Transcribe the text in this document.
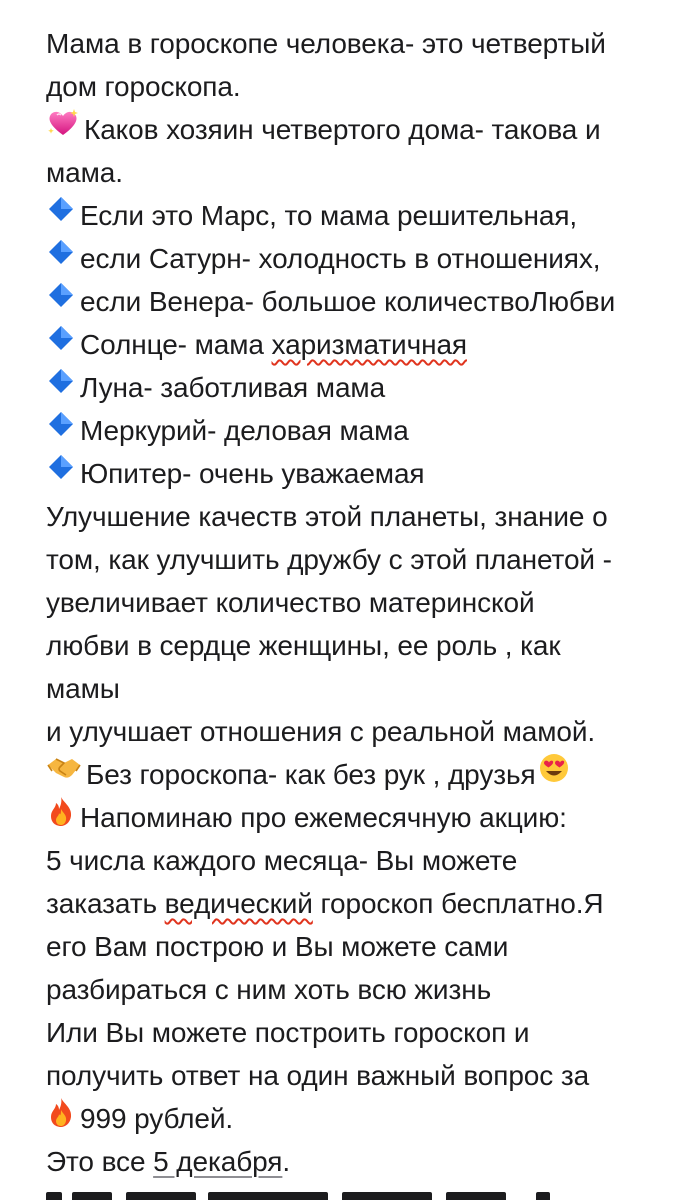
Мама в гороскопе человека- это четвертый
дом гороскопа.
Каков хозяин четвертого дома- такова и
мама.
Если это Марс, то мама решительная,
если Сатурн- холодность в отношениях,
если Венера- большое количествоЛюбви
Солнце- мама харизматичная
Луна- заботливая мама
Меркурий- деловая мама
Юпитер- очень уважаемая
Улучшение качеств этой планеты, знание о
том, как улучшить дружбу с этой планетой -
увеличивает количество материнской
любви в сердце женщины, ее роль , как
мамы
и улучшает отношения с реальной мамой.
Без гороскопа- как без рук , друзья
Напоминаю про ежемесячную акцию:
5 числа каждого месяца- Вы можете
заказать ведический гороскоп бесплатно.Я
его Вам построю и Вы можете сами
разбираться с ним хоть всю жизнь
Или Вы можете построить гороскоп и
получить ответ на один важный вопрос за
999 рублей.
Это все 5 декабря.
